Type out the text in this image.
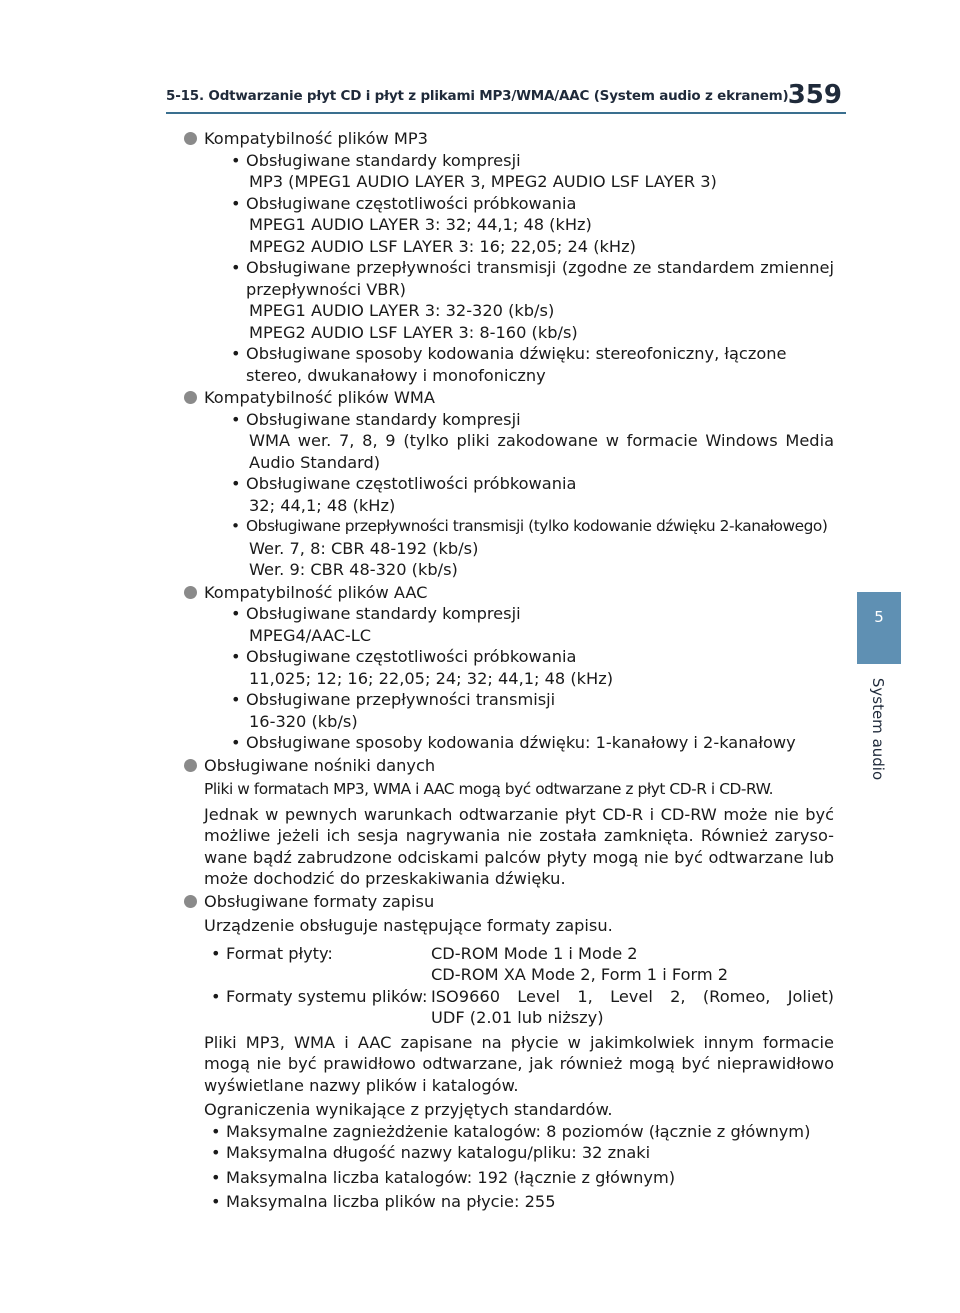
5-15. Odtwarzanie płyt CD i płyt z plikami MP3/WMA/AAC (System audio z ekranem) 359
5
System audio
Kompatybilność plików MP3
• Obsługiwane standardy kompresji
MP3 (MPEG1 AUDIO LAYER 3, MPEG2 AUDIO LSF LAYER 3)
• Obsługiwane częstotliwości próbkowania
MPEG1 AUDIO LAYER 3: 32; 44,1; 48 (kHz)
MPEG2 AUDIO LSF LAYER 3: 16; 22,05; 24 (kHz)
• Obsługiwane przepływności transmisji (zgodne ze standardem zmiennej przepływności VBR)
MPEG1 AUDIO LAYER 3: 32-320 (kb/s)
MPEG2 AUDIO LSF LAYER 3: 8-160 (kb/s)
• Obsługiwane sposoby kodowania dźwięku: stereofoniczny, łączone stereo, dwukanałowy i monofoniczny
Kompatybilność plików WMA
• Obsługiwane standardy kompresji
WMA wer. 7, 8, 9 (tylko pliki zakodowane w formacie Windows Media Audio Standard)
• Obsługiwane częstotliwości próbkowania
32; 44,1; 48 (kHz)
• Obsługiwane przepływności transmisji (tylko kodowanie dźwięku 2-kanałowego)
Wer. 7, 8: CBR 48-192 (kb/s)
Wer. 9: CBR 48-320 (kb/s)
Kompatybilność plików AAC
• Obsługiwane standardy kompresji
MPEG4/AAC-LC
• Obsługiwane częstotliwości próbkowania
11,025; 12; 16; 22,05; 24; 32; 44,1; 48 (kHz)
• Obsługiwane przepływności transmisji
16-320 (kb/s)
• Obsługiwane sposoby kodowania dźwięku: 1-kanałowy i 2-kanałowy
Obsługiwane nośniki danych
Pliki w formatach MP3, WMA i AAC mogą być odtwarzane z płyt CD-R i CD-RW.
Jednak w pewnych warunkach odtwarzanie płyt CD-R i CD-RW może nie być możliwe jeżeli ich sesja nagrywania nie została zamknięta. Również zaryso-wane bądź zabrudzone odciskami palców płyty mogą nie być odtwarzane lub może dochodzić do przeskakiwania dźwięku.
Obsługiwane formaty zapisu
Urządzenie obsługuje następujące formaty zapisu.
• Format płyty:	CD-ROM Mode 1 i Mode 2
CD-ROM XA Mode 2, Form 1 i Form 2
• Formaty systemu plików: ISO9660 Level 1, Level 2, (Romeo, Joliet)
UDF (2.01 lub niższy)
Pliki MP3, WMA i AAC zapisane na płycie w jakimkolwiek innym formacie mogą nie być prawidłowo odtwarzane, jak również mogą być nieprawidłowo wyświetlane nazwy plików i katalogów.
Ograniczenia wynikające z przyjętych standardów.
• Maksymalne zagnieżdżenie katalogów: 8 poziomów (łącznie z głównym)
• Maksymalna długość nazwy katalogu/pliku: 32 znaki
• Maksymalna liczba katalogów: 192 (łącznie z głównym)
• Maksymalna liczba plików na płycie: 255
